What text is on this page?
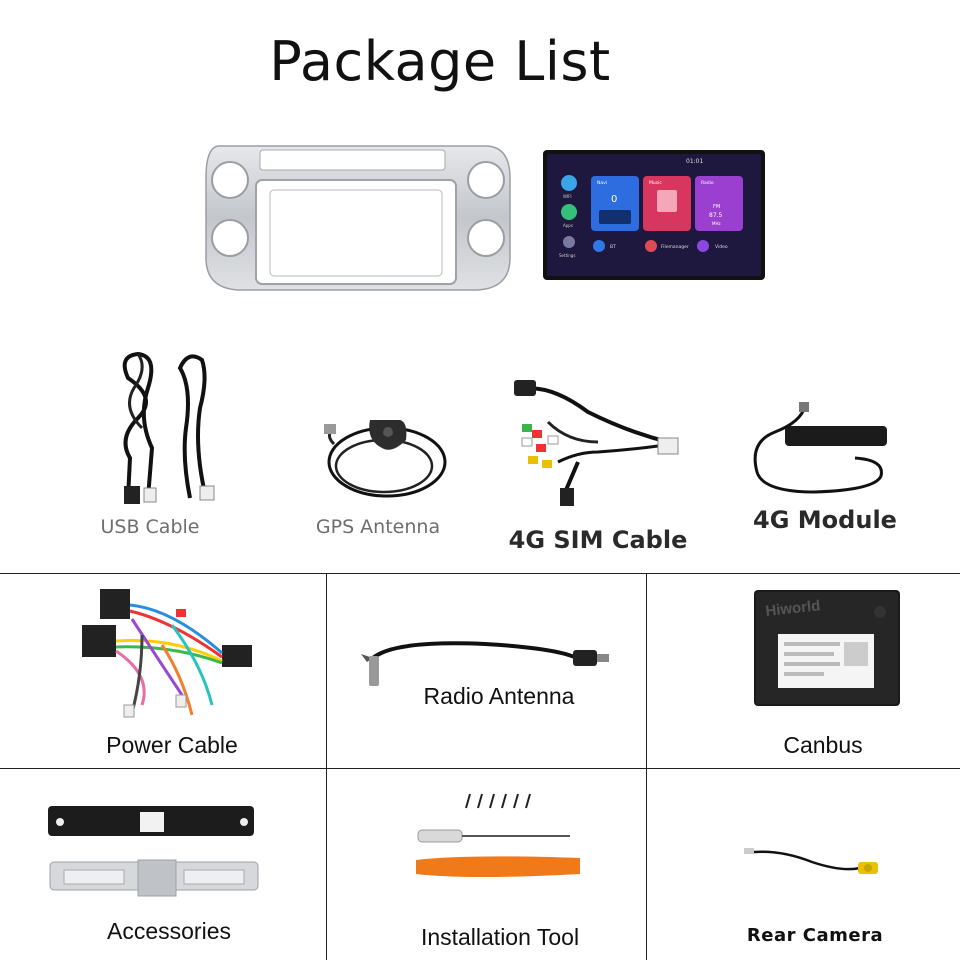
Package List
01:01
WIFI
Apps
Settings
Navi
0
Music	Radio
FM
87.5
MHz
BT	Filemanager	Video
USB Cable	GPS Antenna	4G SIM Cable
4G Module
Power Cable
Radio Antenna
Hiworld
Canbus
Accessories	Installation Tool	Rear Camera
